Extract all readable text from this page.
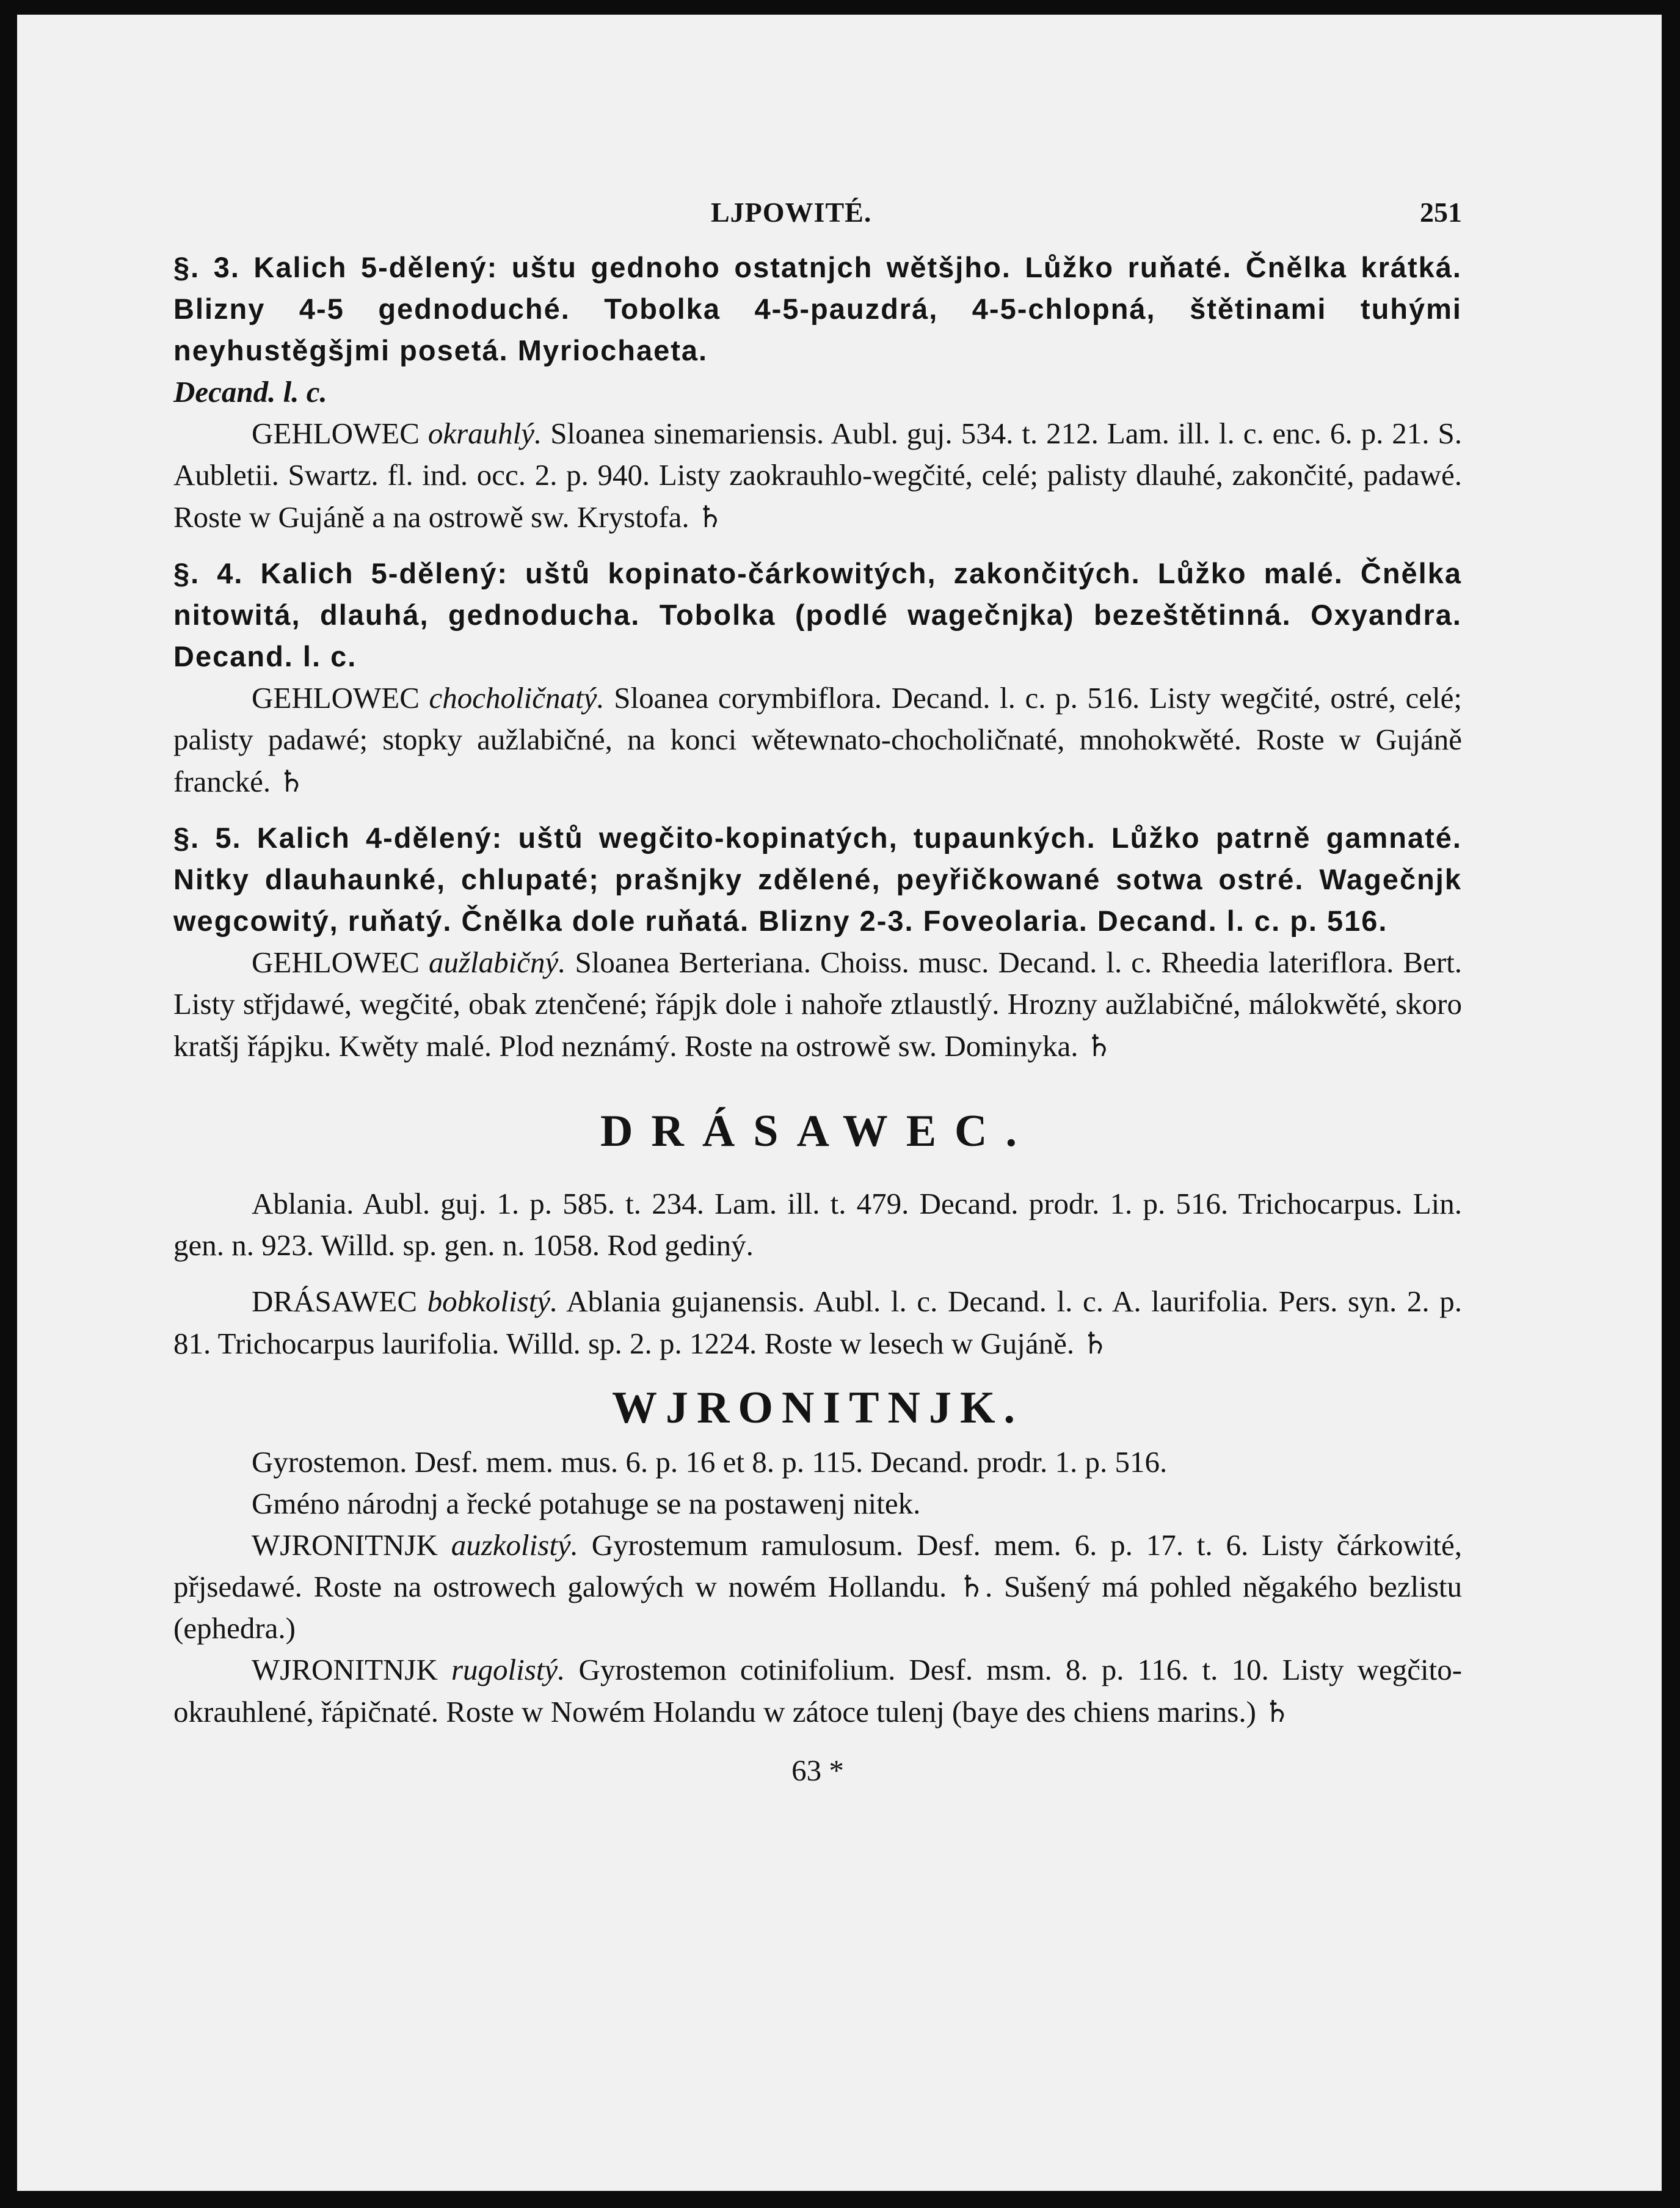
LJPOWITÉ.	251

§. 3. Kalich 5-dělený: uštu gednoho ostatnjch wětšjho. Lůžko ruňaté. Čnělka krátká. Blizny 4-5 gednoduché. Tobolka 4-5-pauzdrá, 4-5-chlopná, štětinami tuhými neyhustěgšjmi posetá. Myriochaeta.

Decand. l. c.

GEHLOWEC okrauhlý. Sloanea sinemariensis. Aubl. guj. 534. t. 212. Lam. ill. l. c. enc. 6. p. 21. S. Aubletii. Swartz. fl. ind. occ. 2. p. 940. Listy zaokrauhlo-wegčité, celé; palisty dlauhé, zakončité, padawé. Roste w Gujáně a na ostrowě sw. Krystofa. ♄

§. 4. Kalich 5-dělený: uštů kopinato-čárkowitých, zakončitých. Lůžko malé. Čnělka nitowitá, dlauhá, gednoducha. Tobolka (podlé wagečnjka) bezeštětinná. Oxyandra. Decand. l. c.

GEHLOWEC chocholičnatý. Sloanea corymbiflora. Decand. l. c. p. 516. Listy wegčité, ostré, celé; palisty padawé; stopky aužlabičné, na konci wětewnato-chocholičnaté, mnohokwěté. Roste w Gujáně francké. ♄

§. 5. Kalich 4-dělený: uštů wegčito-kopinatých, tupaunkých. Lůžko patrně gamnaté. Nitky dlauhaunké, chlupaté; prašnjky zdělené, peyřičkowané sotwa ostré. Wagečnjk wegcowitý, ruňatý. Čnělka dole ruňatá. Blizny 2-3. Foveolaria. Decand. l. c. p. 516.

GEHLOWEC aužlabičný. Sloanea Berteriana. Choiss. musc. Decand. l. c. Rheedia lateriflora. Bert. Listy střjdawé, wegčité, obak ztenčené; řápjk dole i nahoře ztlaustlý. Hrozny aužlabičné, málokwěté, skoro kratšj řápjku. Kwěty malé. Plod neznámý. Roste na ostrowě sw. Dominyka. ♄

DRÁSAWEC.

Ablania. Aubl. guj. 1. p. 585. t. 234. Lam. ill. t. 479. Decand. prodr. 1. p. 516. Trichocarpus. Lin. gen. n. 923. Willd. sp. gen. n. 1058. Rod gediný.

DRÁSAWEC bobkolistý. Ablania gujanensis. Aubl. l. c. Decand. l. c. A. laurifolia. Pers. syn. 2. p. 81. Trichocarpus laurifolia. Willd. sp. 2. p. 1224. Roste w lesech w Gujáně. ♄

WJRONITNJK.

Gyrostemon. Desf. mem. mus. 6. p. 16 et 8. p. 115. Decand. prodr. 1. p. 516.

Gméno národnj a řecké potahuge se na postawenj nitek.

WJRONITNJK auzkolistý. Gyrostemum ramulosum. Desf. mem. 6. p. 17. t. 6. Listy čárkowité, přjsedawé. Roste na ostrowech galowých w nowém Hollandu. ♄. Sušený má pohled něgakého bezlistu (ephedra.)

WJRONITNJK rugolistý. Gyrostemon cotinifolium. Desf. msm. 8. p. 116. t. 10. Listy wegčito-okrauhlené, řápičnaté. Roste w Nowém Holandu w zátoce tulenj (baye des chiens marins.) ♄

63 *
